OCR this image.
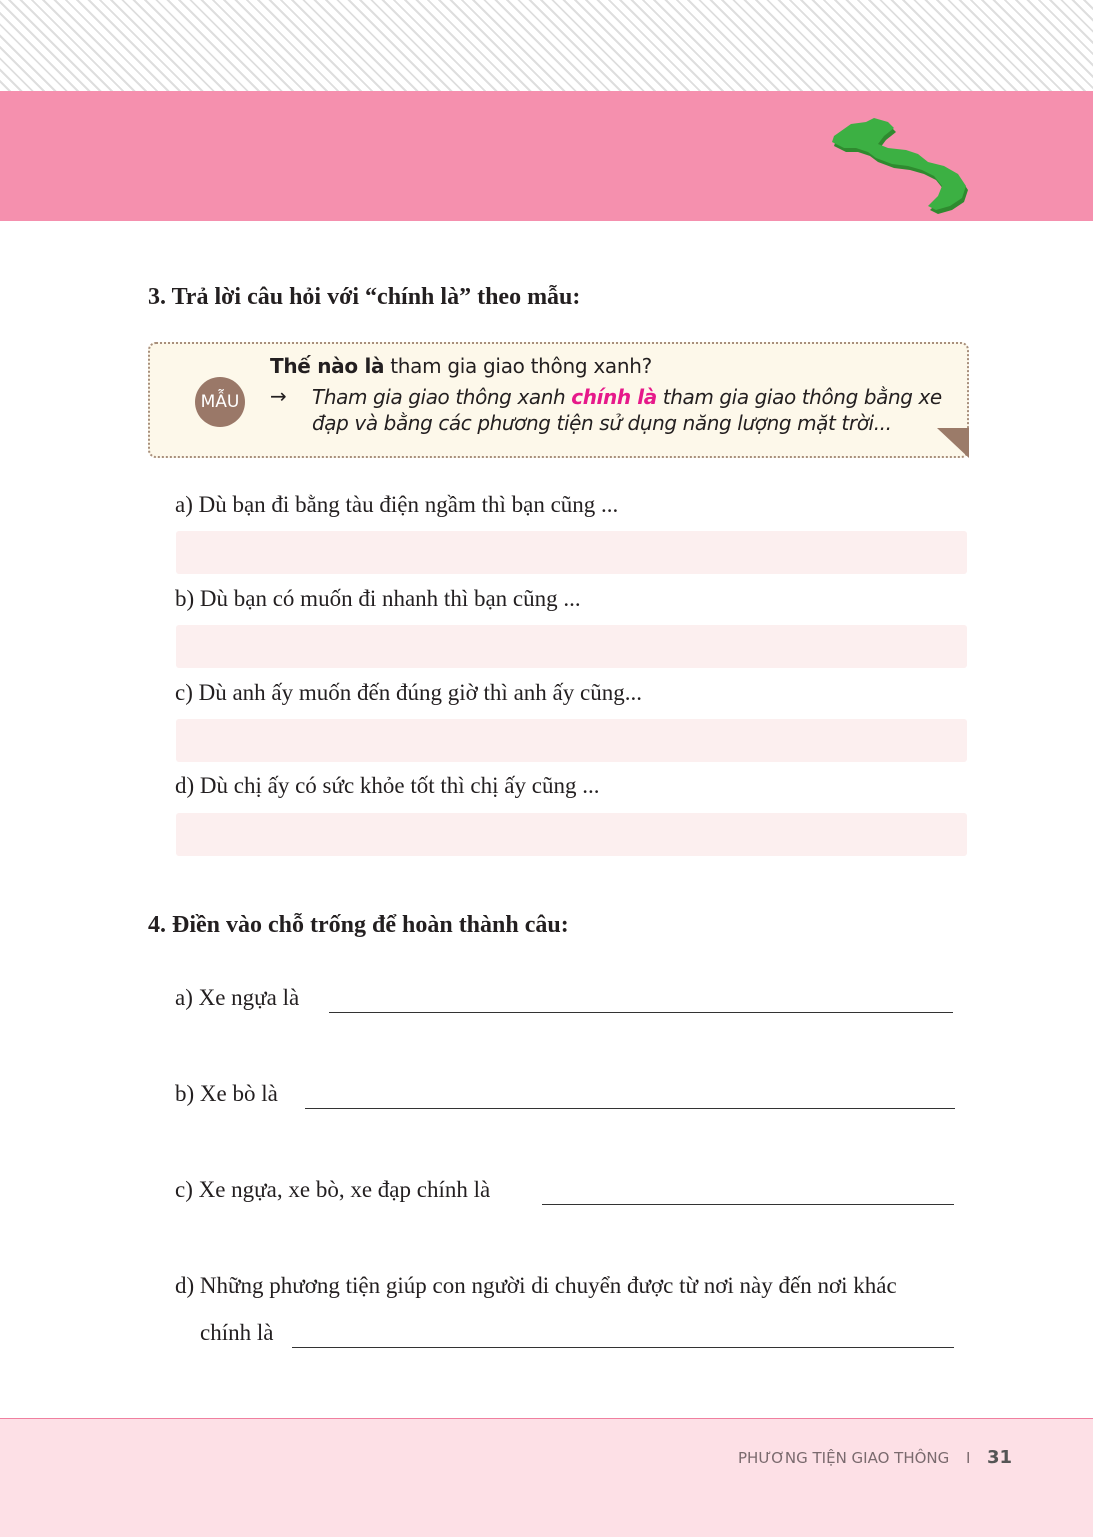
3. Trả lời câu hỏi với “chính là” theo mẫu:
MẪU
Thế nào là tham gia giao thông xanh?
→ Tham gia giao thông xanh chính là tham gia giao thông bằng xe đạp và bằng các phương tiện sử dụng năng lượng mặt trời...
a) Dù bạn đi bằng tàu điện ngầm thì bạn cũng ...
b) Dù bạn có muốn đi nhanh thì bạn cũng ...
c) Dù anh ấy muốn đến đúng giờ thì anh ấy cũng...
d) Dù chị ấy có sức khỏe tốt thì chị ấy cũng ...
4. Điền vào chỗ trống để hoàn thành câu:
a) Xe ngựa là
b) Xe bò là
c) Xe ngựa, xe bò, xe đạp chính là
d) Những phương tiện giúp con người di chuyển được từ nơi này đến nơi khác
chính là
PHƯƠNG TIỆN GIAO THÔNG I 31
